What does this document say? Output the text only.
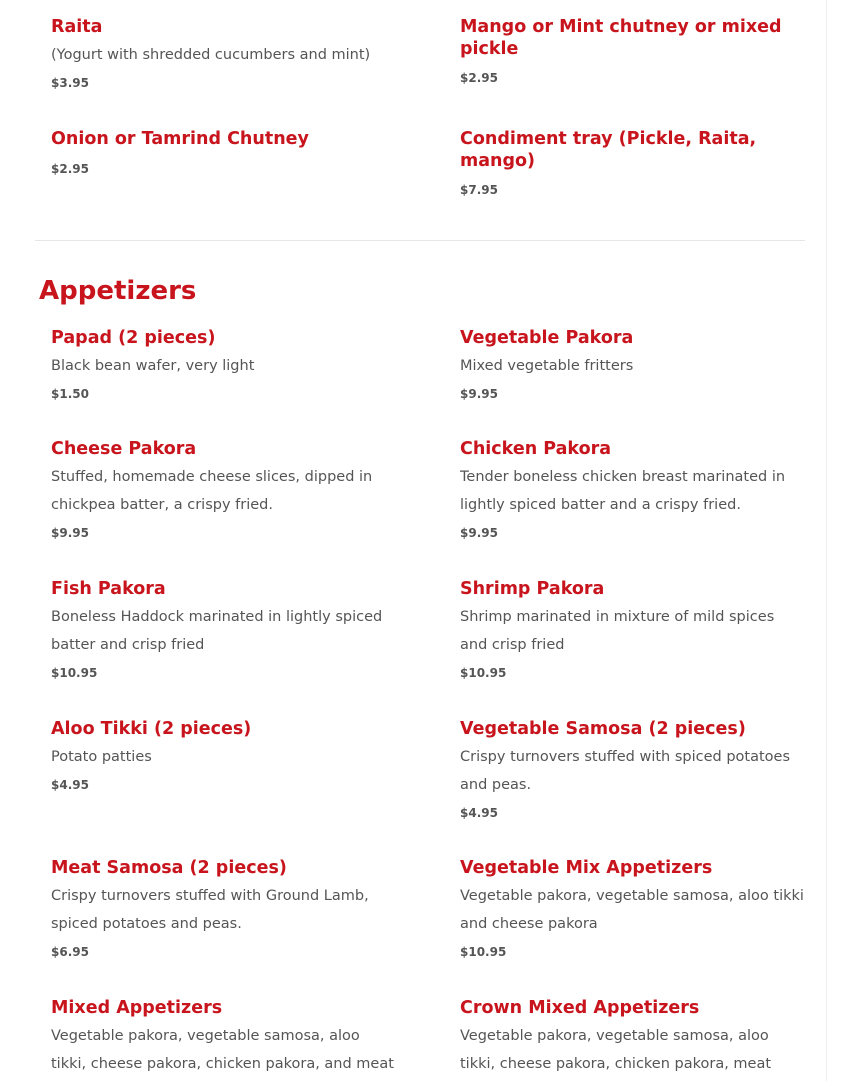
Raita

(Yogurt with shredded cucumbers and mint)

$3.95

Mango or Mint chutney or mixed pickle

$2.95

Onion or Tamrind Chutney

$2.95

Condiment tray (Pickle, Raita, mango)

$7.95

Appetizers
Papad (2 pieces)

Black bean wafer, very light

$1.50

Vegetable Pakora

Mixed vegetable fritters

$9.95

Cheese Pakora

Stuffed, homemade cheese slices, dipped in chickpea batter, a crispy fried.

$9.95

Chicken Pakora

Tender boneless chicken breast marinated in lightly spiced batter and a crispy fried.

$9.95

Fish Pakora

Boneless Haddock marinated in lightly spiced batter and crisp fried

$10.95

Shrimp Pakora

Shrimp marinated in mixture of mild spices and crisp fried

$10.95

Aloo Tikki (2 pieces)

Potato patties

$4.95

Vegetable Samosa (2 pieces)

Crispy turnovers stuffed with spiced potatoes and peas.

$4.95

Meat Samosa (2 pieces)

Crispy turnovers stuffed with Ground Lamb, spiced potatoes and peas.

$6.95

Vegetable Mix Appetizers

Vegetable pakora, vegetable samosa, aloo tikki and cheese pakora

$10.95

Mixed Appetizers

Vegetable pakora, vegetable samosa, aloo tikki, cheese pakora, chicken pakora, and meat

Crown Mixed Appetizers

Vegetable pakora, vegetable samosa, aloo tikki, cheese pakora, chicken pakora, meat
